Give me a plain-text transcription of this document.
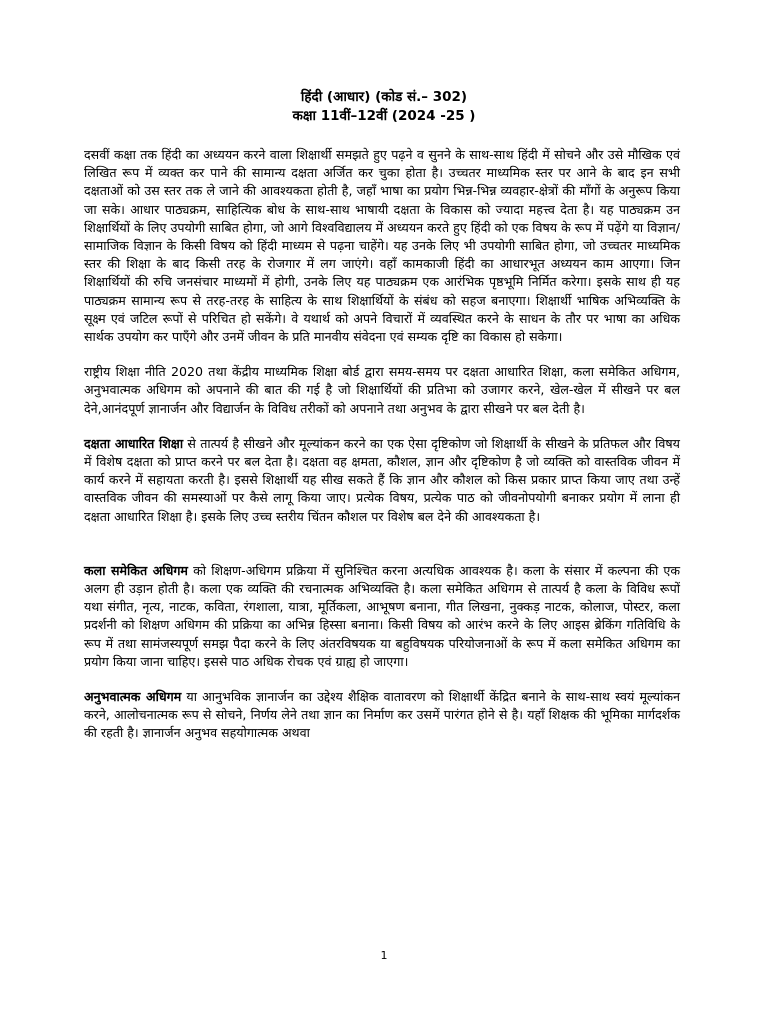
हिंदी (आधार) (कोड सं.– 302)
कक्षा 11वीं–12वीं (2024 -25 )

दसवीं कक्षा तक हिंदी का अध्ययन करने वाला शिक्षार्थी समझते हुए पढ़ने व सुनने के साथ-साथ हिंदी में सोचने और उसे मौखिक एवं लिखित रूप में व्यक्त कर पाने की सामान्य दक्षता अर्जित कर चुका होता है। उच्चतर माध्यमिक स्तर पर आने के बाद इन सभी दक्षताओं को उस स्तर तक ले जाने की आवश्यकता होती है, जहाँ भाषा का प्रयोग भिन्न-भिन्न व्यवहार-क्षेत्रों की माँगों के अनुरूप किया जा सके। आधार पाठ्यक्रम, साहित्यिक बोध के साथ-साथ भाषायी दक्षता के विकास को ज्यादा महत्त्व देता है। यह पाठ्यक्रम उन शिक्षार्थियों के लिए उपयोगी साबित होगा, जो आगे विश्वविद्यालय में अध्ययन करते हुए हिंदी को एक विषय के रूप में पढ़ेंगे या विज्ञान/सामाजिक विज्ञान के किसी विषय को हिंदी माध्यम से पढ़ना चाहेंगे। यह उनके लिए भी उपयोगी साबित होगा, जो उच्चतर माध्यमिक स्तर की शिक्षा के बाद किसी तरह के रोजगार में लग जाएंगे। वहाँ कामकाजी हिंदी का आधारभूत अध्ययन काम आएगा। जिन शिक्षार्थियों की रुचि जनसंचार माध्यमों में होगी, उनके लिए यह पाठ्यक्रम एक आरंभिक पृष्ठभूमि निर्मित करेगा। इसके साथ ही यह पाठ्यक्रम सामान्य रूप से तरह-तरह के साहित्य के साथ शिक्षार्थियों के संबंध को सहज बनाएगा। शिक्षार्थी भाषिक अभिव्यक्ति के सूक्ष्म एवं जटिल रूपों से परिचित हो सकेंगे। वे यथार्थ को अपने विचारों में व्यवस्थित करने के साधन के तौर पर भाषा का अधिक सार्थक उपयोग कर पाएँगे और उनमें जीवन के प्रति मानवीय संवेदना एवं सम्यक दृष्टि का विकास हो सकेगा।

राष्ट्रीय शिक्षा नीति 2020 तथा केंद्रीय माध्यमिक शिक्षा बोर्ड द्वारा समय-समय पर दक्षता आधारित शिक्षा, कला समेकित अधिगम, अनुभवात्मक अधिगम को अपनाने की बात की गई है जो शिक्षार्थियों की प्रतिभा को उजागर करने, खेल-खेल में सीखने पर बल देने,आनंदपूर्ण ज्ञानार्जन और विद्यार्जन के विविध तरीकों को अपनाने तथा अनुभव के द्वारा सीखने पर बल देती है।

दक्षता आधारित शिक्षा से तात्पर्य है सीखने और मूल्यांकन करने का एक ऐसा दृष्टिकोण जो शिक्षार्थी के सीखने के प्रतिफल और विषय में विशेष दक्षता को प्राप्त करने पर बल देता है। दक्षता वह क्षमता, कौशल, ज्ञान और दृष्टिकोण है जो व्यक्ति को वास्तविक जीवन में कार्य करने में सहायता करती है। इससे शिक्षार्थी यह सीख सकते हैं कि ज्ञान और कौशल को किस प्रकार प्राप्त किया जाए तथा उन्हें वास्तविक जीवन की समस्याओं पर कैसे लागू किया जाए। प्रत्येक विषय, प्रत्येक पाठ को जीवनोपयोगी बनाकर प्रयोग में लाना ही दक्षता आधारित शिक्षा है। इसके लिए उच्च स्तरीय चिंतन कौशल पर विशेष बल देने की आवश्यकता है।

कला समेकित अधिगम को शिक्षण-अधिगम प्रक्रिया में सुनिश्चित करना अत्यधिक आवश्यक है। कला के संसार में कल्पना की एक अलग ही उड़ान होती है। कला एक व्यक्ति की रचनात्मक अभिव्यक्ति है। कला समेकित अधिगम से तात्पर्य है कला के विविध रूपों यथा संगीत, नृत्य, नाटक, कविता, रंगशाला, यात्रा, मूर्तिकला, आभूषण बनाना, गीत लिखना, नुक्कड़ नाटक, कोलाज, पोस्टर, कला प्रदर्शनी को शिक्षण अधिगम की प्रक्रिया का अभिन्न हिस्सा बनाना। किसी विषय को आरंभ करने के लिए आइस ब्रेकिंग गतिविधि के रूप में तथा सामंजस्यपूर्ण समझ पैदा करने के लिए अंतरविषयक या बहुविषयक परियोजनाओं के रूप में कला समेकित अधिगम का प्रयोग किया जाना चाहिए। इससे पाठ अधिक रोचक एवं ग्राह्य हो जाएगा।

अनुभवात्मक अधिगम या आनुभविक ज्ञानार्जन का उद्देश्य शैक्षिक वातावरण को शिक्षार्थी केंद्रित बनाने के साथ-साथ स्वयं मूल्यांकन करने, आलोचनात्मक रूप से सोचने, निर्णय लेने तथा ज्ञान का निर्माण कर उसमें पारंगत होने से है। यहाँ शिक्षक की भूमिका मार्गदर्शक की रहती है। ज्ञानार्जन अनुभव सहयोगात्मक अथवा

1
